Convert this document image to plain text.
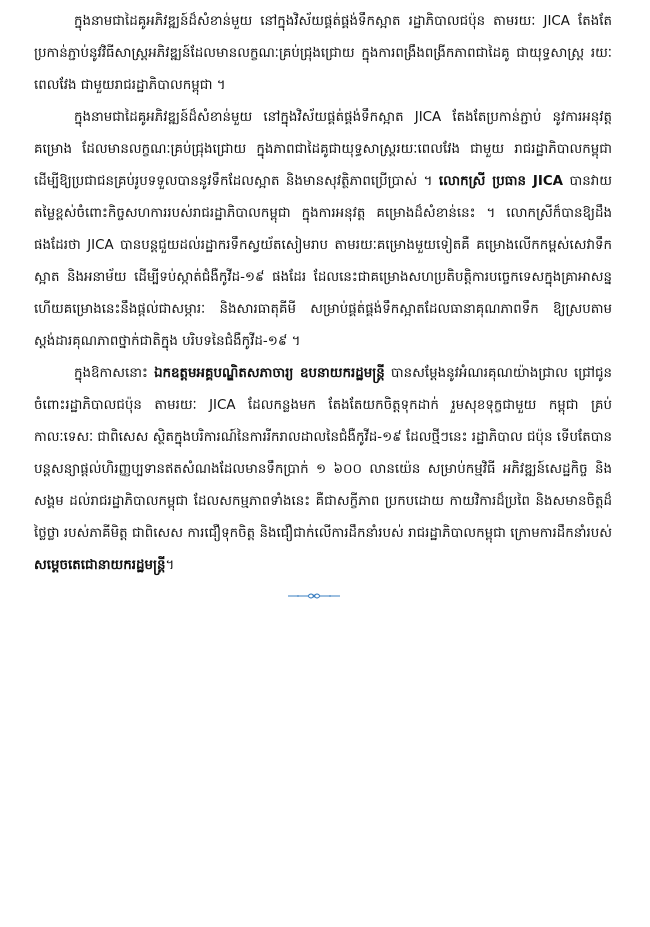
ក្នុងនាមជាដៃគូអភិវឌ្ឍន៍ដ៏សំខាន់មួយ នៅក្នុងវិស័យផ្គត់ផ្គង់ទឹកស្អាត រដ្ឋាភិបាលជប៉ុន តាមរយៈ JICA តែងតែប្រកាន់ភ្ជាប់នូវវិធីសាស្រ្តអភិវឌ្ឍន៍ដែលមានលក្ខណៈគ្រប់ជ្រុងជ្រោយ ក្នុងការពង្រឹងពង្រីកភាពជាដៃគូ ជាយុទ្ធសាស្រ្ត រយៈពេលវែង ជាមួយរាជរដ្ឋាភិបាលកម្ពុជា ។

ក្នុងនាមជាដៃគូអភិវឌ្ឍន៍ដ៏សំខាន់មួយ នៅក្នុងវិស័យផ្គត់ផ្គង់ទឹកស្អាត JICA តែងតែប្រកាន់ភ្ជាប់ នូវការអនុវត្តគម្រោង ដែលមានលក្ខណៈគ្រប់ជ្រុងជ្រោយ ក្នុងភាពជាដៃគូជាយុទ្ធសាស្រ្តរយៈពេលវែង ជាមួយ រាជរដ្ឋាភិបាលកម្ពុជា ដើម្បីឱ្យប្រជាជនគ្រប់រូបទទួលបាននូវទឹកដែលស្អាត និងមានសុវត្ថិភាពប្រើប្រាស់ ។ លោកស្រី ប្រធាន JICA បានវាយតម្លៃខ្ពស់ចំពោះកិច្ចសហការរបស់រាជរដ្ឋាភិបាលកម្ពុជា ក្នុងការអនុវត្ត គម្រោងដ៏សំខាន់នេះ ។ លោកស្រីក៏បានឱ្យដឹងផងដែរថា JICA បានបន្តជួយដល់រដ្ឋាករទឹកស្វយ័តសៀមរាប តាមរយៈគម្រោងមួយទៀតគឺ គម្រោងលើកកម្ពស់សេវាទឹកស្អាត និងអនាម័យ ដើម្បីទប់ស្កាត់ជំងឺកូវីដ-១៩ ផងដែរ ដែលនេះជាគម្រោងសហប្រតិបត្តិការបច្ចេកទេសក្នុងគ្រាអាសន្ន ហើយគម្រោងនេះនឹងផ្តល់ជាសម្ភារៈ និងសារធាតុគីមី សម្រាប់ផ្គត់ផ្គង់ទឹកស្អាតដែលធានាគុណភាពទឹក ឱ្យស្របតាមស្តង់ដារគុណភាពថ្នាក់ជាតិក្នុង បរិបទនៃជំងឺកូវីដ-១៩ ។

ក្នុងឱកាសនោះ ឯកឧត្តមអគ្គបណ្ឌិតសភាចារ្យ ឧបនាយករដ្ឋមន្ត្រី បានសម្តែងនូវអំណរគុណយ៉ាងជ្រាល ជ្រៅជូនចំពោះរដ្ឋាភិបាលជប៉ុន តាមរយៈ JICA ដែលកន្លងមក តែងតែយកចិត្តទុកដាក់ រួមសុខទុក្ខជាមួយ កម្ពុជា គ្រប់កាលៈទេសៈ ជាពិសេស ស្ថិតក្នុងបរិការណ៍នៃការរីករាលដាលនៃជំងឺកូវីដ-១៩ ដែលថ្មីៗនេះ រដ្ឋាភិបាល ជប៉ុន ទើបតែបានបន្តសន្យាផ្តល់ហិរញ្ញប្បទានឥតសំណងដែលមានទឹកប្រាក់ ១ ៦០០ លានយ៉េន សម្រាប់កម្មវិធី អភិវឌ្ឍន៍សេដ្ឋកិច្ច និងសង្គម ដល់រាជរដ្ឋាភិបាលកម្ពុជា ដែលសកម្មភាពទាំងនេះ គឺជាសក្ខីភាព ប្រកបដោយ កាយវិការដ៏ប្រពៃ និងសមានចិត្តដ៏ថ្លៃថ្លា របស់ភាគីមិត្ត ជាពិសេស ការជឿទុកចិត្ត និងជឿជាក់លើការដឹកនាំរបស់ រាជរដ្ឋាភិបាលកម្ពុជា ក្រោមការដឹកនាំរបស់ សម្តេចតេជោនាយករដ្ឋមន្ត្រី។
